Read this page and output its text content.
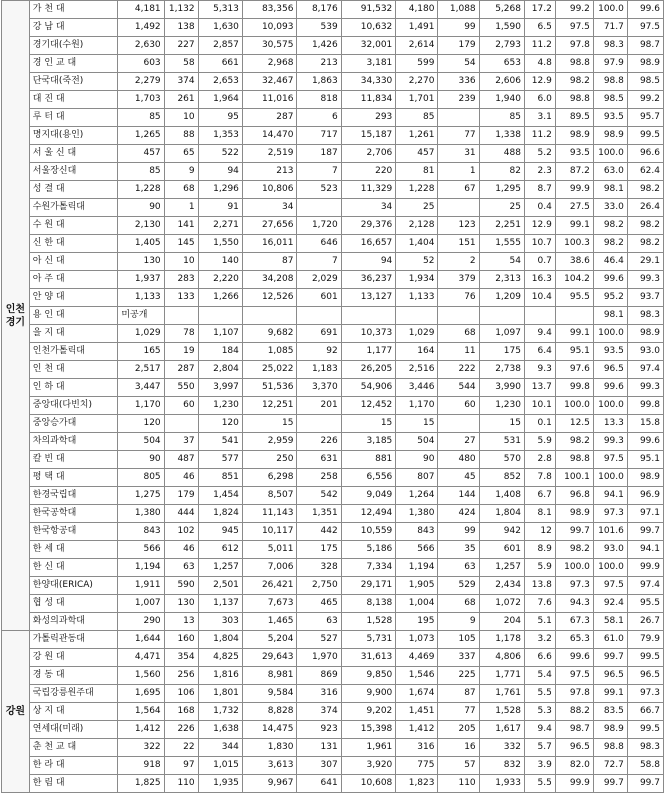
인천
경기	가 천 대	4,181	1,132	5,313	83,356	8,176	91,532	4,180	1,088	5,268	17.2	99.2	100.0	99.6
	강 남 대	1,492	138	1,630	10,093	539	10,632	1,491	99	1,590	6.5	97.5	71.7	97.5
	경기대(수원)	2,630	227	2,857	30,575	1,426	32,001	2,614	179	2,793	11.2	97.8	98.3	98.7
	경 인 교 대	603	58	661	2,968	213	3,181	599	54	653	4.8	98.8	97.9	98.9
	단국대(죽전)	2,279	374	2,653	32,467	1,863	34,330	2,270	336	2,606	12.9	98.2	98.8	98.5
	대 진 대	1,703	261	1,964	11,016	818	11,834	1,701	239	1,940	6.0	98.8	98.5	99.2
	루 터 대	85	10	95	287	6	293	85		85	3.1	89.5	93.5	95.7
	명지대(용인)	1,265	88	1,353	14,470	717	15,187	1,261	77	1,338	11.2	98.9	98.9	99.5
	서 울 신 대	457	65	522	2,519	187	2,706	457	31	488	5.2	93.5	100.0	96.6
	서울장신대	85	9	94	213	7	220	81	1	82	2.3	87.2	63.0	62.4
	성 결 대	1,228	68	1,296	10,806	523	11,329	1,228	67	1,295	8.7	99.9	98.1	98.2
	수원가톨릭대	90	1	91	34		34	25		25	0.4	27.5	33.0	26.4
	수 원 대	2,130	141	2,271	27,656	1,720	29,376	2,128	123	2,251	12.9	99.1	98.2	98.2
	신 한 대	1,405	145	1,550	16,011	646	16,657	1,404	151	1,555	10.7	100.3	98.2	98.2
	아 신 대	130	10	140	87	7	94	52	2	54	0.7	38.6	46.4	29.1
	아 주 대	1,937	283	2,220	34,208	2,029	36,237	1,934	379	2,313	16.3	104.2	99.6	99.3
	안 양 대	1,133	133	1,266	12,526	601	13,127	1,133	76	1,209	10.4	95.5	95.2	93.7
	용 인 대	미공개											98.1	98.3
	을 지 대	1,029	78	1,107	9,682	691	10,373	1,029	68	1,097	9.4	99.1	100.0	98.9
	인천가톨릭대	165	19	184	1,085	92	1,177	164	11	175	6.4	95.1	93.5	93.0
	인 천 대	2,517	287	2,804	25,022	1,183	26,205	2,516	222	2,738	9.3	97.6	96.5	97.4
	인 하 대	3,447	550	3,997	51,536	3,370	54,906	3,446	544	3,990	13.7	99.8	99.6	99.3
	중앙대(다빈치)	1,170	60	1,230	12,251	201	12,452	1,170	60	1,230	10.1	100.0	100.0	99.8
	중앙승가대	120		120	15		15	15		15	0.1	12.5	13.3	15.8
	차의과학대	504	37	541	2,959	226	3,185	504	27	531	5.9	98.2	99.3	99.6
	칼 빈 대	90	487	577	250	631	881	90	480	570	2.8	98.8	97.5	95.1
	평 택 대	805	46	851	6,298	258	6,556	807	45	852	7.8	100.1	100.0	98.9
	한경국립대	1,275	179	1,454	8,507	542	9,049	1,264	144	1,408	6.7	96.8	94.1	96.9
	한국공학대	1,380	444	1,824	11,143	1,351	12,494	1,380	424	1,804	8.1	98.9	97.3	97.1
	한국항공대	843	102	945	10,117	442	10,559	843	99	942	12	99.7	101.6	99.7
	한 세 대	566	46	612	5,011	175	5,186	566	35	601	8.9	98.2	93.0	94.1
	한 신 대	1,194	63	1,257	7,006	328	7,334	1,194	63	1,257	5.9	100.0	100.0	99.9
	한양대(ERICA)	1,911	590	2,501	26,421	2,750	29,171	1,905	529	2,434	13.8	97.3	97.5	97.4
	협 성 대	1,007	130	1,137	7,673	465	8,138	1,004	68	1,072	7.6	94.3	92.4	95.5
	화성의과학대	290	13	303	1,465	63	1,528	195	9	204	5.1	67.3	58.1	26.7
강원	가톨릭관동대	1,644	160	1,804	5,204	527	5,731	1,073	105	1,178	3.2	65.3	61.0	79.9
	강 원 대	4,471	354	4,825	29,643	1,970	31,613	4,469	337	4,806	6.6	99.6	99.7	99.5
	경 동 대	1,560	256	1,816	8,981	869	9,850	1,546	225	1,771	5.4	97.5	96.5	96.5
	국립강릉원주대	1,695	106	1,801	9,584	316	9,900	1,674	87	1,761	5.5	97.8	99.1	97.3
	상 지 대	1,564	168	1,732	8,828	374	9,202	1,451	77	1,528	5.3	88.2	83.5	66.7
	연세대(미래)	1,412	226	1,638	14,475	923	15,398	1,412	205	1,617	9.4	98.7	98.9	99.5
	춘 천 교 대	322	22	344	1,830	131	1,961	316	16	332	5.7	96.5	98.8	98.3
	한 라 대	918	97	1,015	3,613	307	3,920	775	57	832	3.9	82.0	72.7	58.8
	한 림 대	1,825	110	1,935	9,967	641	10,608	1,823	110	1,933	5.5	99.9	99.7	99.7
